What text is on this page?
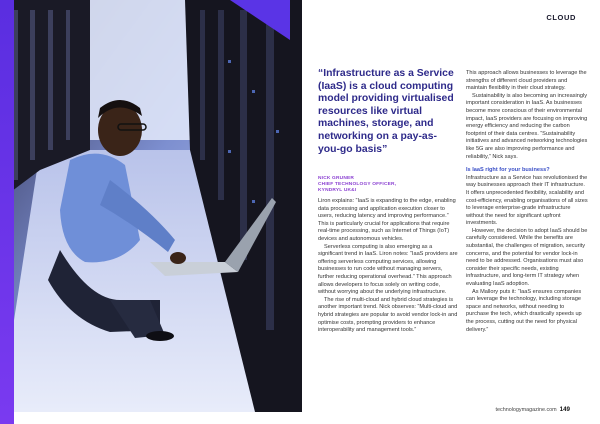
CLOUD
“Infrastructure as a Service (IaaS) is a cloud computing model providing virtualised resources like virtual machines, storage, and networking on a pay-as-you-go basis”
NICK GRUNER
CHIEF TECHNOLOGY OFFICER,
KYNDRYL UK&I

Liron explains: “IaaS is expanding to the edge, enabling data processing and application execution closer to users, reducing latency and improving performance.” This is particularly crucial for applications that require real-time processing, such as Internet of Things (IoT) devices and autonomous vehicles.

Serverless computing is also emerging as a significant trend in IaaS. Liron notes: “IaaS providers are offering serverless computing services, allowing businesses to run code without managing servers, further reducing operational overhead.” This approach allows developers to focus solely on writing code, without worrying about the underlying infrastructure.

The rise of multi-cloud and hybrid cloud strategies is another important trend. Nick observes: “Multi-cloud and hybrid strategies are popular to avoid vendor lock-in and optimise costs, prompting providers to enhance interoperability and management tools.”

This approach allows businesses to leverage the strengths of different cloud providers and maintain flexibility in their cloud strategy.

Sustainability is also becoming an increasingly important consideration in IaaS. As businesses become more conscious of their environmental impact, IaaS providers are focusing on improving energy efficiency and reducing the carbon footprint of their data centres. “Sustainability initiatives and advanced networking technologies like 5G are also improving performance and reliability,” Nick says.

Is IaaS right for your business?

Infrastructure as a Service has revolutionised the way businesses approach their IT infrastructure. It offers unprecedented flexibility, scalability and cost-efficiency, enabling organisations of all sizes to leverage enterprise-grade infrastructure without the need for significant upfront investments.

However, the decision to adopt IaaS should be carefully considered. While the benefits are substantial, the challenges of migration, security concerns, and the potential for vendor lock-in need to be addressed. Organisations must also consider their specific needs, existing infrastructure, and long-term IT strategy when evaluating IaaS adoption.

As Mallory puts it: “IaaS ensures companies can leverage the technology, including storage space and networks, without needing to purchase the tech, which drastically speeds up the process, cutting out the need for physical delivery.”

technologymagazine.com 149
